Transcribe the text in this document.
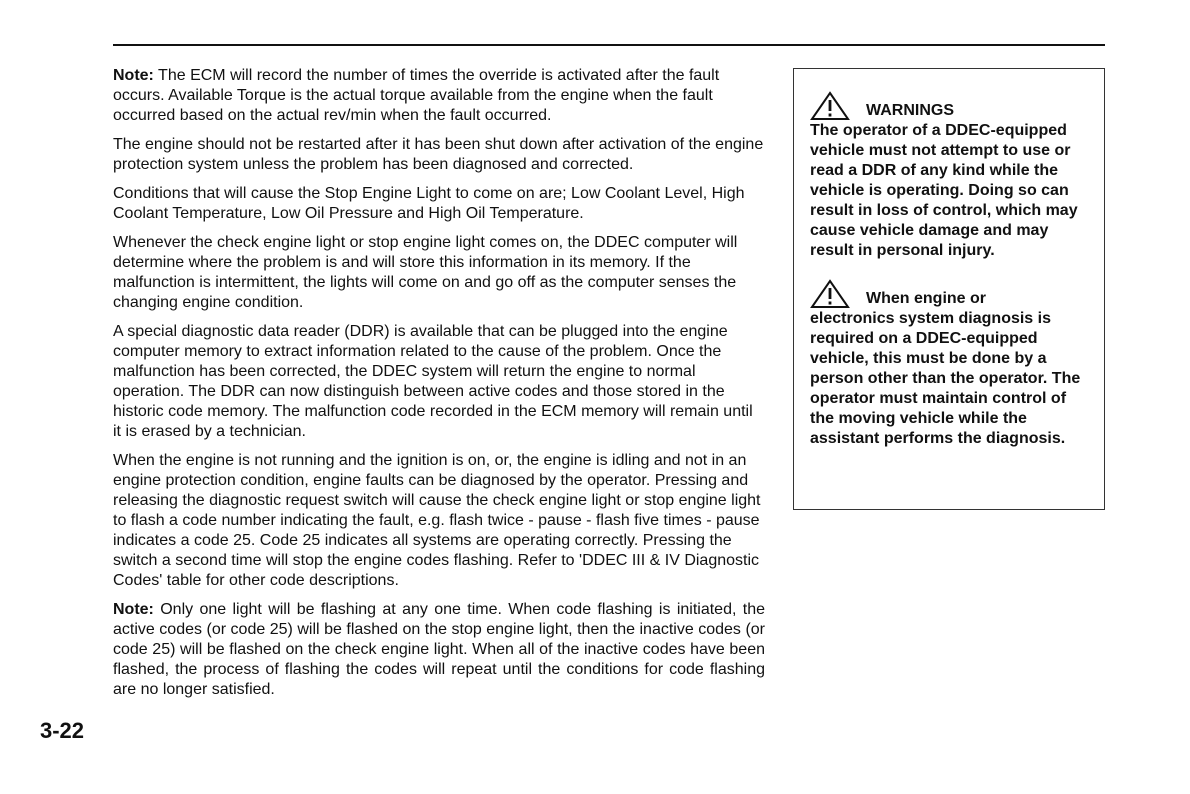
Note: The ECM will record the number of times the override is activated after the fault occurs. Available Torque is the actual torque available from the engine when the fault occurred based on the actual rev/min when the fault occurred.

The engine should not be restarted after it has been shut down after activation of the engine protection system unless the problem has been diagnosed and corrected.

Conditions that will cause the Stop Engine Light to come on are; Low Coolant Level, High Coolant Temperature, Low Oil Pressure and High Oil Temperature.

Whenever the check engine light or stop engine light comes on, the DDEC computer will determine where the problem is and will store this information in its memory. If the malfunction is intermittent, the lights will come on and go off as the computer senses the changing engine condition.

A special diagnostic data reader (DDR) is available that can be plugged into the engine computer memory to extract information related to the cause of the problem. Once the malfunction has been corrected, the DDEC system will return the engine to normal operation. The DDR can now distinguish between active codes and those stored in the historic code memory. The malfunction code recorded in the ECM memory will remain until it is erased by a technician.

When the engine is not running and the ignition is on, or, the engine is idling and not in an engine protection condition, engine faults can be diagnosed by the operator. Pressing and releasing the diagnostic request switch will cause the check engine light or stop engine light to flash a code number indicating the fault, e.g. flash twice - pause - flash five times - pause indicates a code 25. Code 25 indicates all systems are operating correctly. Pressing the switch a second time will stop the engine codes flashing. Refer to 'DDEC III & IV Diagnostic Codes' table for other code descriptions.

Note: Only one light will be flashing at any one time. When code flashing is initiated, the active codes (or code 25) will be flashed on the stop engine light, then the inactive codes (or code 25) will be flashed on the check engine light. When all of the inactive codes have been flashed, the process of flashing the codes will repeat until the conditions for code flashing are no longer satisfied.

3-22
WARNINGS
The operator of a DDEC-equipped vehicle must not attempt to use or read a DDR of any kind while the vehicle is operating. Doing so can result in loss of control, which may cause vehicle damage and may result in personal injury.
When engine or
electronics system diagnosis is required on a DDEC-equipped vehicle, this must be done by a person other than the operator. The operator must maintain control of the moving vehicle while the assistant performs the diagnosis.
